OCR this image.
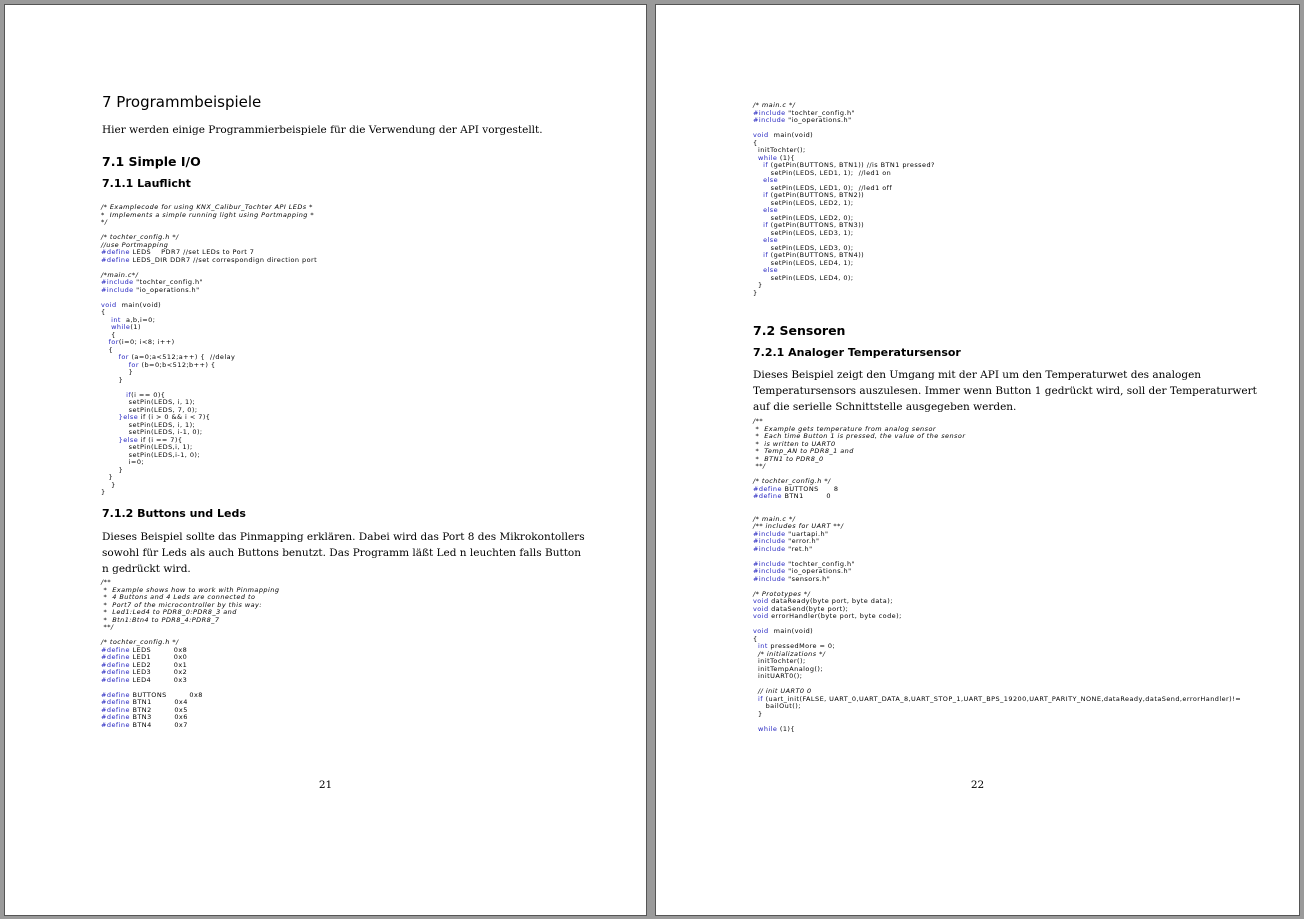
7 Programmbeispiele

Hier werden einige Programmierbeispiele für die Verwendung der API vorgestellt.

7.1 Simple I/O
7.1.1 Lauflicht
/* Examplecode for using KNX_Calibur_Tochter API LEDs *
*  Implements a simple running light using Portmapping *
*/

/* tochter_config.h */
//use Portmapping
#define LEDS    PDR7 //set LEDs to Port 7
#define LEDS_DIR DDR7 //set correspondign direction port

/*main.c*/
#include "tochter_config.h"
#include "io_operations.h"

void  main(void)
{
int  a,b,i=0;
while(1)
{
for(i=0; i<8; i++)
{
for (a=0;a<512;a++) {  //delay
for (b=0;b<512;b++) {
}
}

if(i == 0){
setPin(LEDS, i, 1);
setPin(LEDS, 7, 0);
}else if (i > 0 && i < 7){
setPin(LEDS, i, 1);
setPin(LEDS, i-1, 0);
}else if (i == 7){
setPin(LEDS,i, 1);
setPin(LEDS,i-1, 0);
i=0;
}
}
}
}
7.1.2 Buttons und Leds
Dieses Beispiel sollte das Pinmapping erklären. Dabei wird das Port 8 des Mikrokontollers
sowohl für Leds als auch Buttons benutzt. Das Programm läßt Led n leuchten falls Button
n gedrückt wird.
/**
*  Example shows how to work with Pinmapping
*  4 Buttons and 4 Leds are connected to
*  Port7 of the microcontroller by this way:
*  Led1:Led4 to PDR8_0:PDR8_3 and
*  Btn1:Btn4 to PDR8_4:PDR8_7
**/

/* tochter_config.h */
#define LEDS         0x8
#define LED1         0x0
#define LED2         0x1
#define LED3         0x2
#define LED4         0x3

#define BUTTONS         0x8
#define BTN1         0x4
#define BTN2         0x5
#define BTN3         0x6
#define BTN4         0x7
21
/* main.c */
#include "tochter_config.h"
#include "io_operations.h"

void  main(void)
{
initTochter();
while (1){
if (getPin(BUTTONS, BTN1)) //is BTN1 pressed?
setPin(LEDS, LED1, 1);  //led1 on
else
setPin(LEDS, LED1, 0);  //led1 off
if (getPin(BUTTONS, BTN2))
setPin(LEDS, LED2, 1);
else
setPin(LEDS, LED2, 0);
if (getPin(BUTTONS, BTN3))
setPin(LEDS, LED3, 1);
else
setPin(LEDS, LED3, 0);
if (getPin(BUTTONS, BTN4))
setPin(LEDS, LED4, 1);
else
setPin(LEDS, LED4, 0);
}
}
7.2 Sensoren
7.2.1 Analoger Temperatursensor
Dieses Beispiel zeigt den Umgang mit der API um den Temperaturwet des analogen
Temperatursensors auszulesen. Immer wenn Button 1 gedrückt wird, soll der Temperaturwert
auf die serielle Schnittstelle ausgegeben werden.
/**
*  Example gets temperature from analog sensor
*  Each time Button 1 is pressed, the value of the sensor
*  is written to UART0
*  Temp_AN to PDR8_1 and
*  BTN1 to PDR8_0
**/

/* tochter_config.h */
#define BUTTONS      8
#define BTN1         0

/* main.c */
/** includes for UART **/
#include "uartapi.h"
#include "error.h"
#include "ret.h"

#include "tochter_config.h"
#include "io_operations.h"
#include "sensors.h"

/* Prototypes */
void dataReady(byte port, byte data);
void dataSend(byte port);
void errorHandler(byte port, byte code);

void  main(void)
{
int pressedMore = 0;
/* initializations */
initTochter();
initTempAnalog();
initUART0();

// init UART0 0
if (uart_init(FALSE, UART_0,UART_DATA_8,UART_STOP_1,UART_BPS_19200,UART_PARITY_NONE,dataReady,dataSend,errorHandler)!=
bailOut();
}

while (1){
22
